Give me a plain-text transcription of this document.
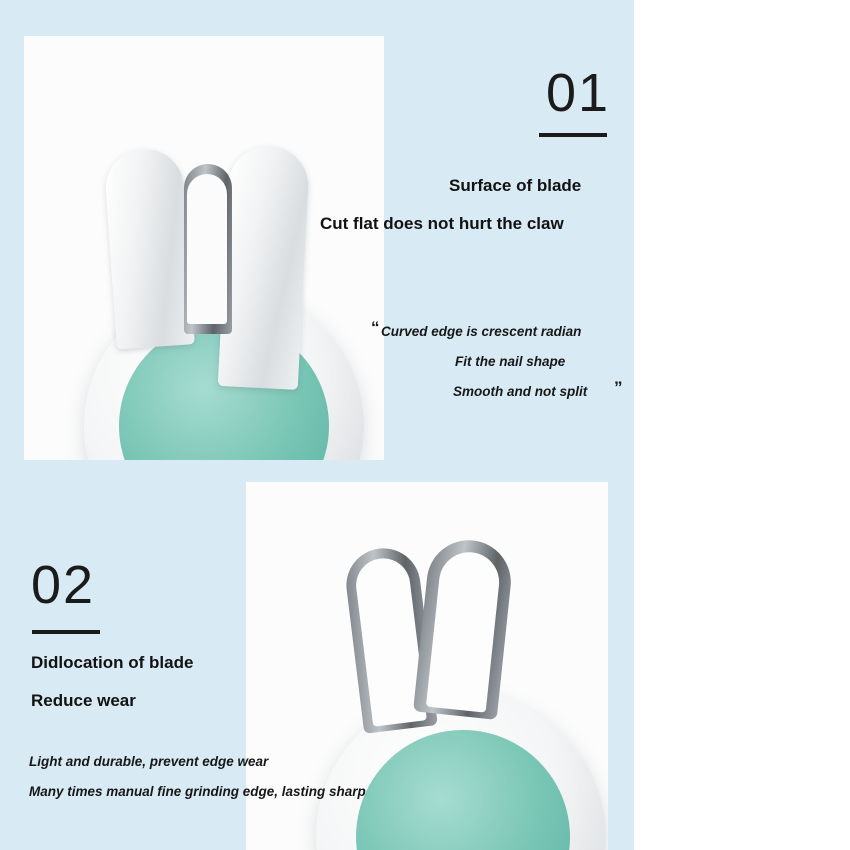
01
Surface of blade
Cut flat does not hurt the claw
“ Curved edge is crescent radian
Fit the nail shape
Smooth and not split ”
02
Didlocation of blade
Reduce wear
Light and durable, prevent edge wear
Many times manual fine grinding edge, lasting sharp
